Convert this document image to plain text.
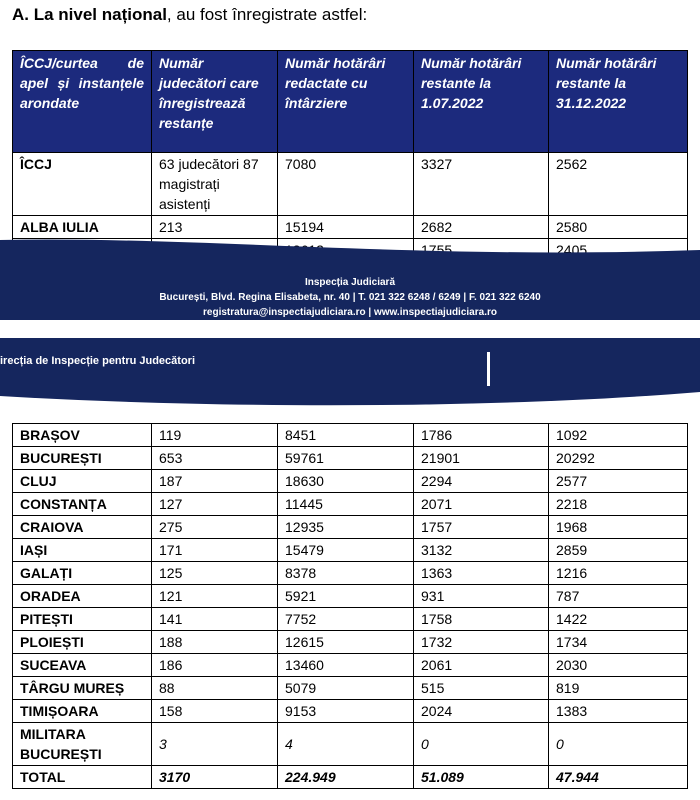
A. La nivel național, au fost înregistrate astfel:
ÎCCJ/curtea de apel și instanțele arondate	Număr judecători care înregistrează restanțe	Număr hotărâri redactate cu întârziere	Număr hotărâri restante la 1.07.2022	Număr hotărâri restante la 31.12.2022
ÎCCJ	63 judecători 87 magistrați asistenți	7080	3327	2562
ALBA IULIA	213	15194	2682	2580
			1755	2405
Inspecția Judiciară
București, Blvd. Regina Elisabeta, nr. 40 | T. 021 322 6248 / 6249 | F. 021 322 6240
registratura@inspectiajudiciara.ro | www.inspectiajudiciara.ro
irecția de Inspecție pentru Judecători
BRAȘOV	119	8451	1786	1092
BUCUREȘTI	653	59761	21901	20292
CLUJ	187	18630	2294	2577
CONSTANȚA	127	11445	2071	2218
CRAIOVA	275	12935	1757	1968
IAȘI	171	15479	3132	2859
GALAȚI	125	8378	1363	1216
ORADEA	121	5921	931	787
PITEȘTI	141	7752	1758	1422
PLOIEȘTI	188	12615	1732	1734
SUCEAVA	186	13460	2061	2030
TÂRGU MUREȘ	88	5079	515	819
TIMIȘOARA	158	9153	2024	1383
MILITARA BUCUREȘTI	3	4	0	0
TOTAL	3170	224.949	51.089	47.944
